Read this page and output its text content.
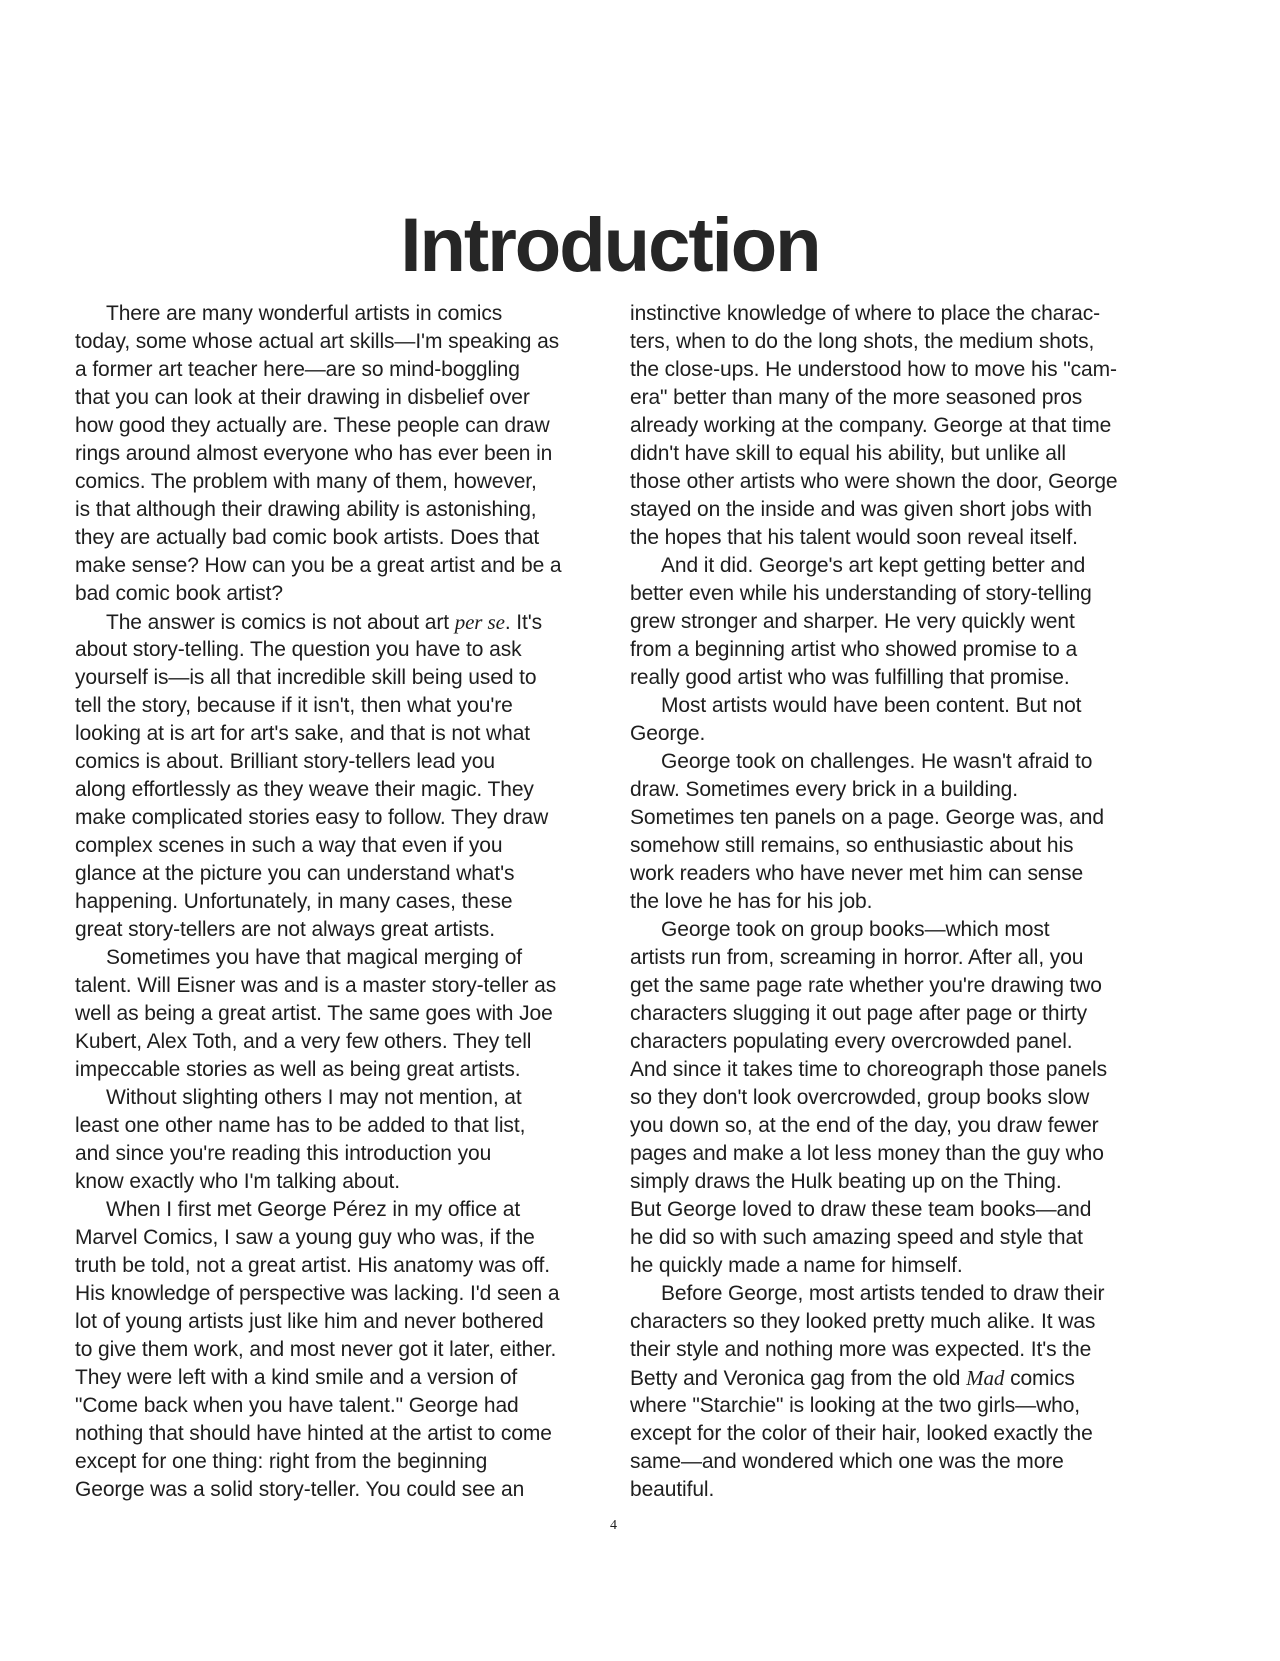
Introduction
There are many wonderful artists in comics
today, some whose actual art skills—I'm speaking as
a former art teacher here—are so mind-boggling
that you can look at their drawing in disbelief over
how good they actually are. These people can draw
rings around almost everyone who has ever been in
comics. The problem with many of them, however,
is that although their drawing ability is astonishing,
they are actually bad comic book artists. Does that
make sense? How can you be a great artist and be a
bad comic book artist?
The answer is comics is not about art per se. It's
about story-telling. The question you have to ask
yourself is—is all that incredible skill being used to
tell the story, because if it isn't, then what you're
looking at is art for art's sake, and that is not what
comics is about. Brilliant story-tellers lead you
along effortlessly as they weave their magic. They
make complicated stories easy to follow. They draw
complex scenes in such a way that even if you
glance at the picture you can understand what's
happening. Unfortunately, in many cases, these
great story-tellers are not always great artists.
Sometimes you have that magical merging of
talent. Will Eisner was and is a master story-teller as
well as being a great artist. The same goes with Joe
Kubert, Alex Toth, and a very few others. They tell
impeccable stories as well as being great artists.
Without slighting others I may not mention, at
least one other name has to be added to that list,
and since you're reading this introduction you
know exactly who I'm talking about.
When I first met George Pérez in my office at
Marvel Comics, I saw a young guy who was, if the
truth be told, not a great artist. His anatomy was off.
His knowledge of perspective was lacking. I'd seen a
lot of young artists just like him and never bothered
to give them work, and most never got it later, either.
They were left with a kind smile and a version of
"Come back when you have talent." George had
nothing that should have hinted at the artist to come
except for one thing: right from the beginning
George was a solid story-teller. You could see an
instinctive knowledge of where to place the charac-
ters, when to do the long shots, the medium shots,
the close-ups. He understood how to move his "cam-
era" better than many of the more seasoned pros
already working at the company. George at that time
didn't have skill to equal his ability, but unlike all
those other artists who were shown the door, George
stayed on the inside and was given short jobs with
the hopes that his talent would soon reveal itself.
And it did. George's art kept getting better and
better even while his understanding of story-telling
grew stronger and sharper. He very quickly went
from a beginning artist who showed promise to a
really good artist who was fulfilling that promise.
Most artists would have been content. But not
George.
George took on challenges. He wasn't afraid to
draw. Sometimes every brick in a building.
Sometimes ten panels on a page. George was, and
somehow still remains, so enthusiastic about his
work readers who have never met him can sense
the love he has for his job.
George took on group books—which most
artists run from, screaming in horror. After all, you
get the same page rate whether you're drawing two
characters slugging it out page after page or thirty
characters populating every overcrowded panel.
And since it takes time to choreograph those panels
so they don't look overcrowded, group books slow
you down so, at the end of the day, you draw fewer
pages and make a lot less money than the guy who
simply draws the Hulk beating up on the Thing.
But George loved to draw these team books—and
he did so with such amazing speed and style that
he quickly made a name for himself.
Before George, most artists tended to draw their
characters so they looked pretty much alike. It was
their style and nothing more was expected. It's the
Betty and Veronica gag from the old Mad comics
where "Starchie" is looking at the two girls—who,
except for the color of their hair, looked exactly the
same—and wondered which one was the more
beautiful.
4
